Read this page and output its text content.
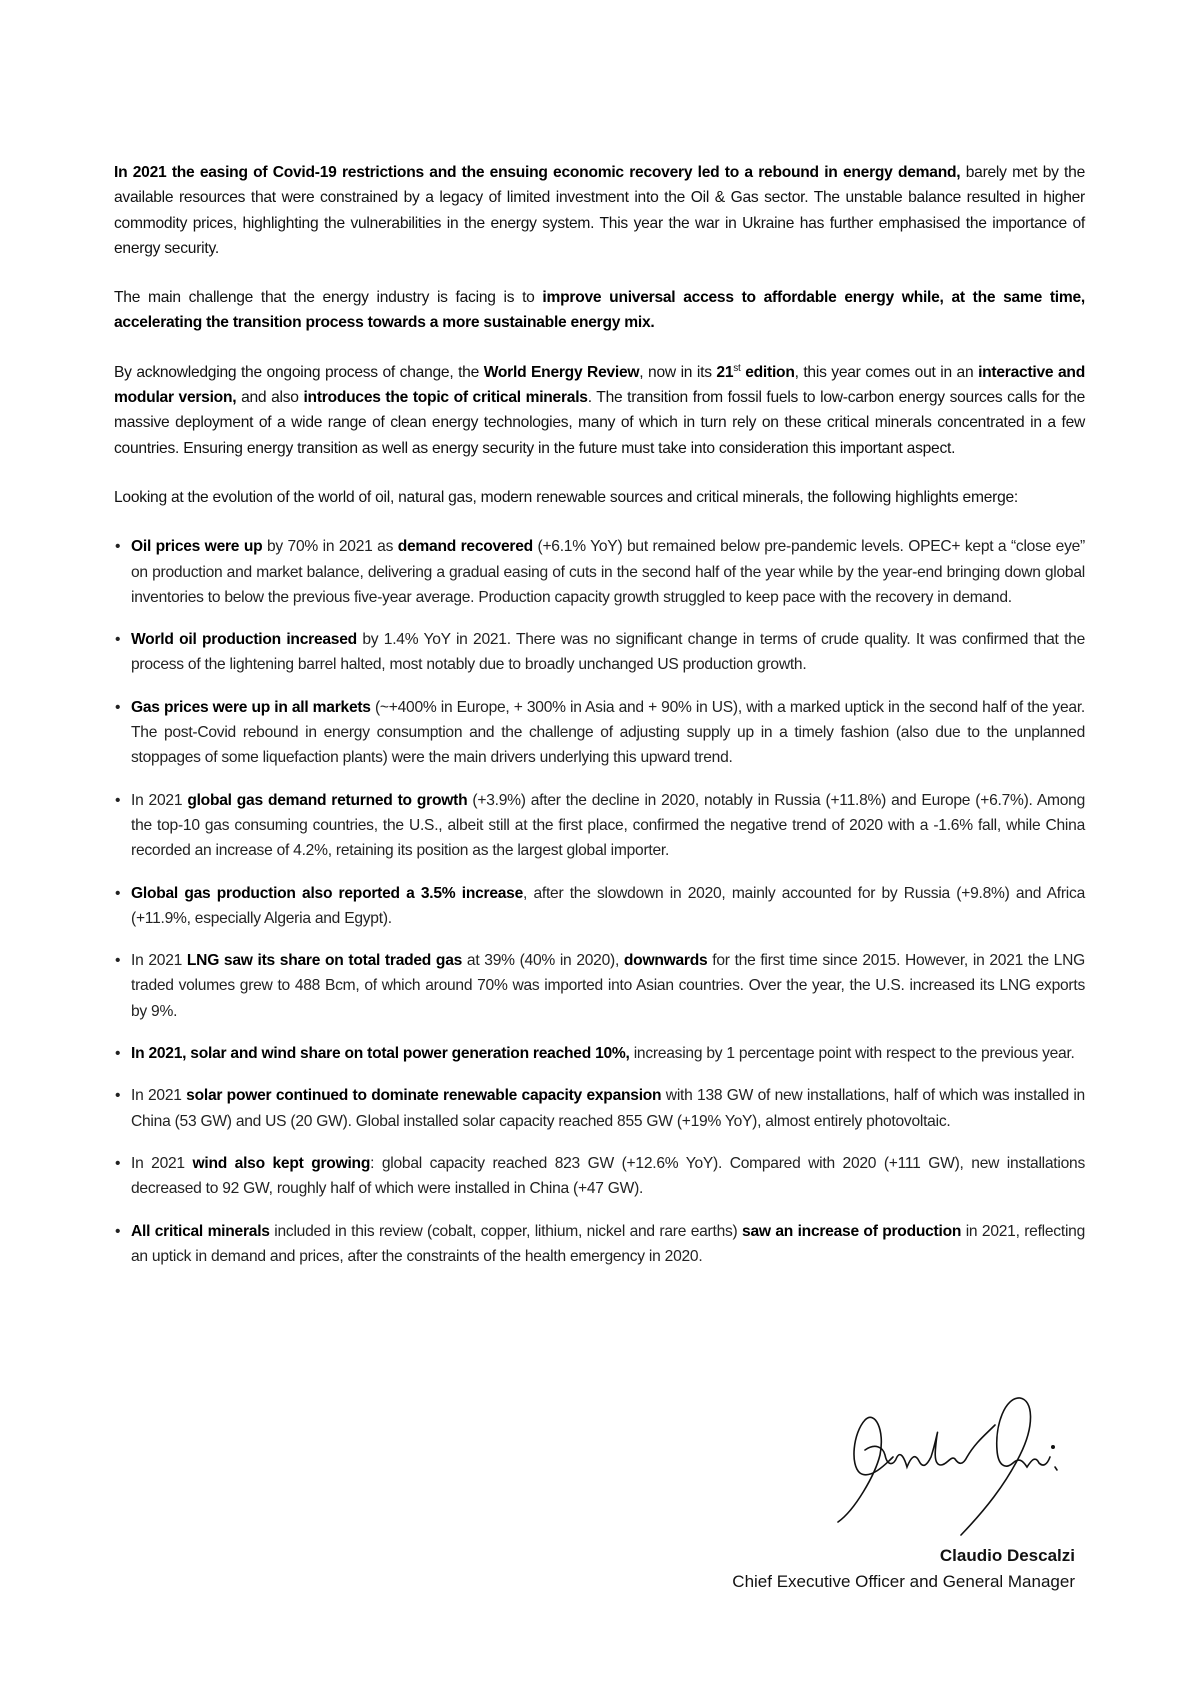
In 2021 the easing of Covid-19 restrictions and the ensuing economic recovery led to a rebound in energy demand, barely met by the available resources that were constrained by a legacy of limited investment into the Oil & Gas sector. The unstable balance resulted in higher commodity prices, highlighting the vulnerabilities in the energy system. This year the war in Ukraine has further emphasised the importance of energy security.
The main challenge that the energy industry is facing is to improve universal access to affordable energy while, at the same time, accelerating the transition process towards a more sustainable energy mix.
By acknowledging the ongoing process of change, the World Energy Review, now in its 21st edition, this year comes out in an interactive and modular version, and also introduces the topic of critical minerals. The transition from fossil fuels to low-carbon energy sources calls for the massive deployment of a wide range of clean energy technologies, many of which in turn rely on these critical minerals concentrated in a few countries. Ensuring energy transition as well as energy security in the future must take into consideration this important aspect.
Looking at the evolution of the world of oil, natural gas, modern renewable sources and critical minerals, the following highlights emerge:
• Oil prices were up by 70% in 2021 as demand recovered (+6.1% YoY) but remained below pre-pandemic levels. OPEC+ kept a “close eye” on production and market balance, delivering a gradual easing of cuts in the second half of the year while by the year-end bringing down global inventories to below the previous five-year average. Production capacity growth struggled to keep pace with the recovery in demand.
• World oil production increased by 1.4% YoY in 2021. There was no significant change in terms of crude quality. It was confirmed that the process of the lightening barrel halted, most notably due to broadly unchanged US production growth.
• Gas prices were up in all markets (~+400% in Europe, + 300% in Asia and + 90% in US), with a marked uptick in the second half of the year. The post-Covid rebound in energy consumption and the challenge of adjusting supply up in a timely fashion (also due to the unplanned stoppages of some liquefaction plants) were the main drivers underlying this upward trend.
• In 2021 global gas demand returned to growth (+3.9%) after the decline in 2020, notably in Russia (+11.8%) and Europe (+6.7%). Among the top-10 gas consuming countries, the U.S., albeit still at the first place, confirmed the negative trend of 2020 with a -1.6% fall, while China recorded an increase of 4.2%, retaining its position as the largest global importer.
• Global gas production also reported a 3.5% increase, after the slowdown in 2020, mainly accounted for by Russia (+9.8%) and Africa (+11.9%, especially Algeria and Egypt).
• In 2021 LNG saw its share on total traded gas at 39% (40% in 2020), downwards for the first time since 2015. However, in 2021 the LNG traded volumes grew to 488 Bcm, of which around 70% was imported into Asian countries. Over the year, the U.S. increased its LNG exports by 9%.
• In 2021, solar and wind share on total power generation reached 10%, increasing by 1 percentage point with respect to the previous year.
• In 2021 solar power continued to dominate renewable capacity expansion with 138 GW of new installations, half of which was installed in China (53 GW) and US (20 GW). Global installed solar capacity reached 855 GW (+19% YoY), almost entirely photovoltaic.
• In 2021 wind also kept growing: global capacity reached 823 GW (+12.6% YoY). Compared with 2020 (+111 GW), new installations decreased to 92 GW, roughly half of which were installed in China (+47 GW).
• All critical minerals included in this review (cobalt, copper, lithium, nickel and rare earths) saw an increase of production in 2021, reflecting an uptick in demand and prices, after the constraints of the health emergency in 2020.
Claudio Descalzi
Chief Executive Officer and General Manager
